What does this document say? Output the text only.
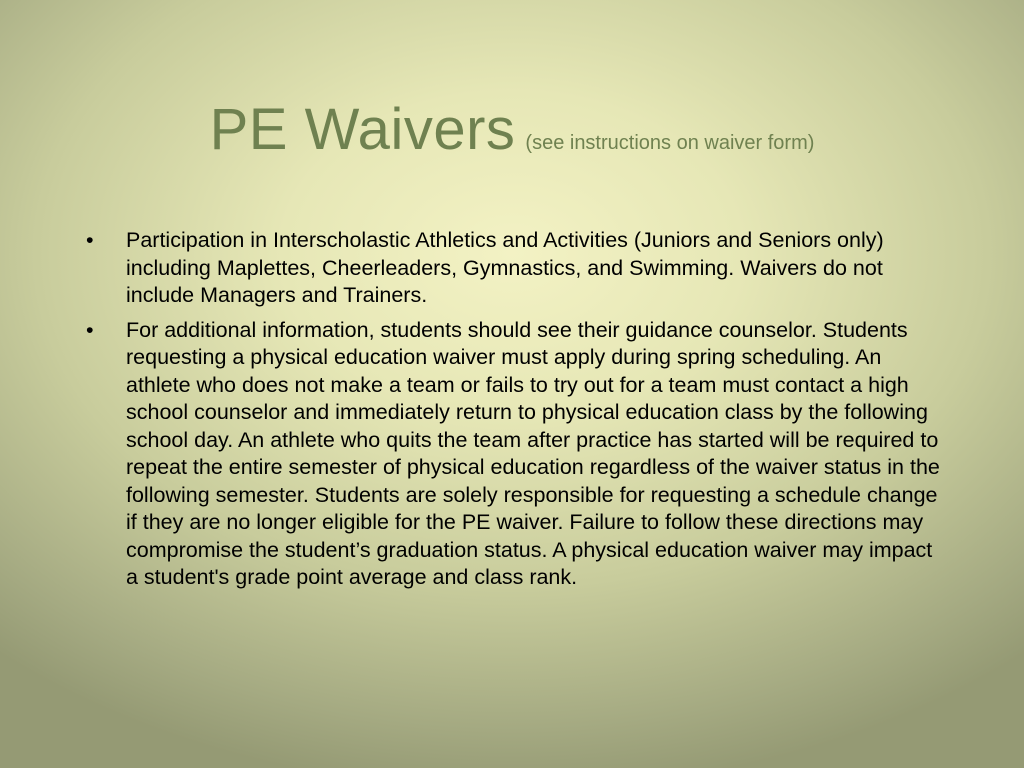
PE Waivers (see instructions on waiver form)
• Participation in Interscholastic Athletics and Activities (Juniors and Seniors only) including Maplettes, Cheerleaders, Gymnastics, and Swimming. Waivers do not include Managers and Trainers.
• For additional information, students should see their guidance counselor. Students requesting a physical education waiver must apply during spring scheduling. An athlete who does not make a team or fails to try out for a team must contact a high school counselor and immediately return to physical education class by the following school day. An athlete who quits the team after practice has started will be required to repeat the entire semester of physical education regardless of the waiver status in the following semester. Students are solely responsible for requesting a schedule change if they are no longer eligible for the PE waiver. Failure to follow these directions may compromise the student’s graduation status. A physical education waiver may impact a student's grade point average and class rank.
